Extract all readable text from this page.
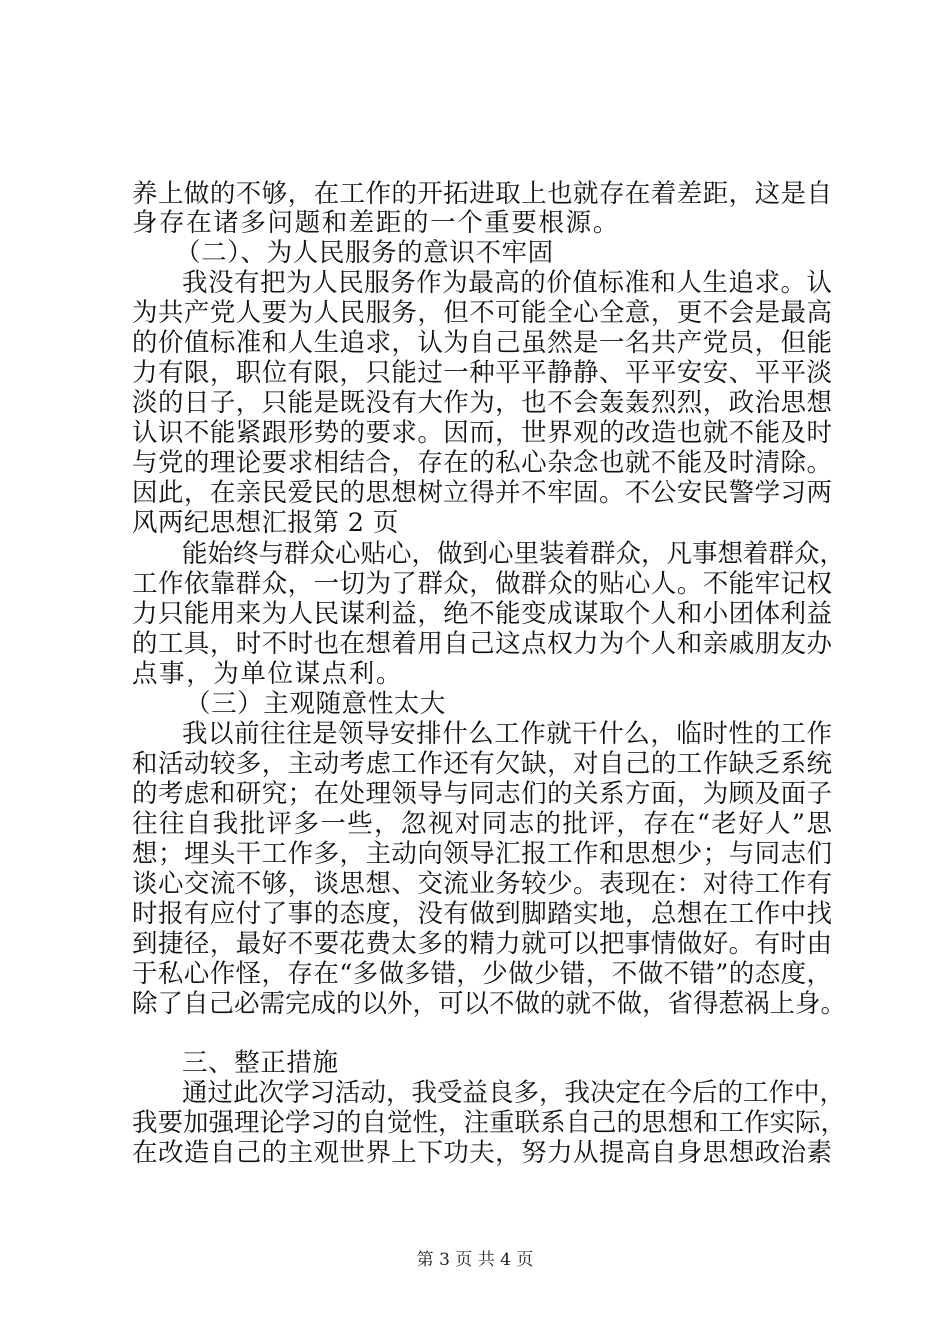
养上做的不够，在工作的开拓进取上也就存在着差距，这是自
身存在诸多问题和差距的一个重要根源。
（二）、为人民服务的意识不牢固
我没有把为人民服务作为最高的价值标准和人生追求。认
为共产党人要为人民服务，但不可能全心全意，更不会是最高
的价值标准和人生追求，认为自己虽然是一名共产党员，但能
力有限，职位有限，只能过一种平平静静、平平安安、平平淡
淡的日子，只能是既没有大作为，也不会轰轰烈烈，政治思想
认识不能紧跟形势的要求。因而，世界观的改造也就不能及时
与党的理论要求相结合，存在的私心杂念也就不能及时清除。
因此，在亲民爱民的思想树立得并不牢固。不公安民警学习两
风两纪思想汇报第 2 页
能始终与群众心贴心，做到心里装着群众，凡事想着群众，
工作依靠群众，一切为了群众，做群众的贴心人。不能牢记权
力只能用来为人民谋利益，绝不能变成谋取个人和小团体利益
的工具，时不时也在想着用自己这点权力为个人和亲戚朋友办
点事，为单位谋点利。
（三）主观随意性太大
我以前往往是领导安排什么工作就干什么，临时性的工作
和活动较多，主动考虑工作还有欠缺，对自己的工作缺乏系统
的考虑和研究；在处理领导与同志们的关系方面，为顾及面子
往往自我批评多一些，忽视对同志的批评，存在“老好人”思
想；埋头干工作多，主动向领导汇报工作和思想少；与同志们
谈心交流不够，谈思想、交流业务较少。表现在：对待工作有
时报有应付了事的态度，没有做到脚踏实地，总想在工作中找
到捷径，最好不要花费太多的精力就可以把事情做好。有时由
于私心作怪，存在“多做多错，少做少错，不做不错”的态度，
除了自己必需完成的以外，可以不做的就不做，省得惹祸上身。
三、整正措施
通过此次学习活动，我受益良多，我决定在今后的工作中，
我要加强理论学习的自觉性，注重联系自己的思想和工作实际，
在改造自己的主观世界上下功夫，努力从提高自身思想政治素
第 3 页 共 4 页
